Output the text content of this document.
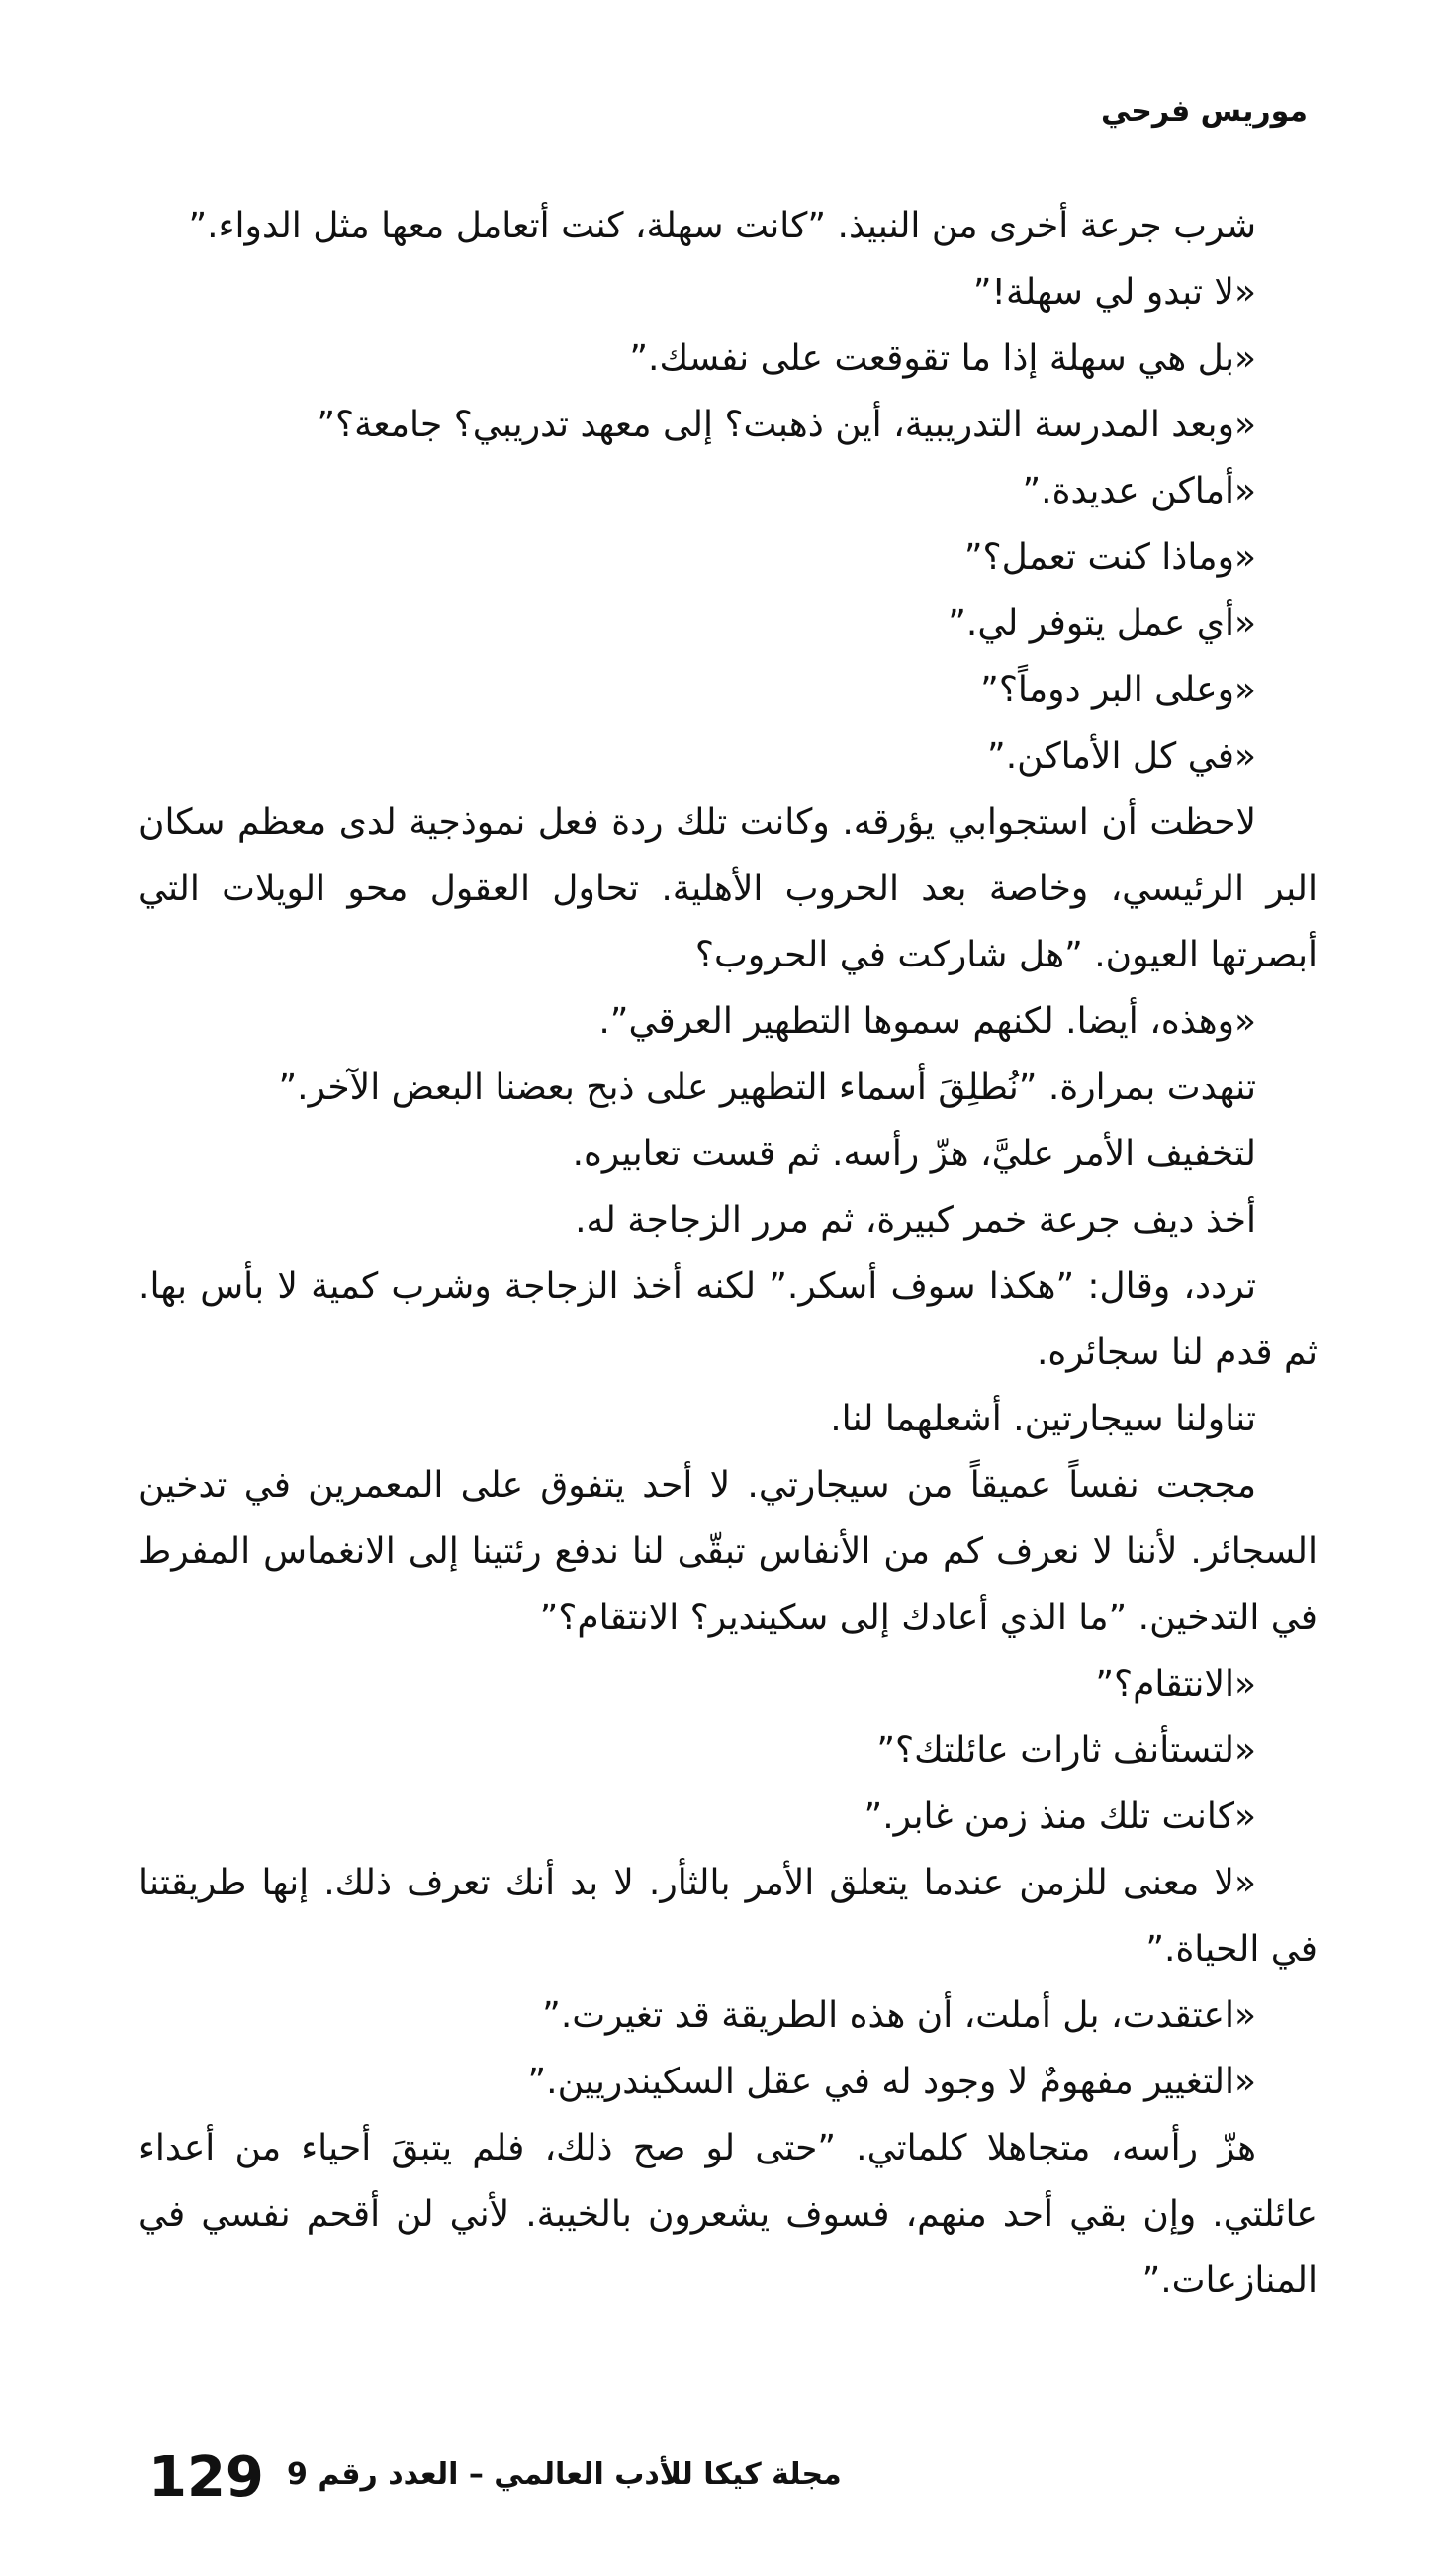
موريس فرحي

شرب جرعة أخرى من النبيذ. ”كانت سهلة، كنت أتعامل معها مثل الدواء.”

«لا تبدو لي سهلة!”

«بل هي سهلة إذا ما تقوقعت على نفسك.”

«وبعد المدرسة التدريبية، أين ذهبت؟ إلى معهد تدريبي؟ جامعة؟”

«أماكن عديدة.”

«وماذا كنت تعمل؟”

«أي عمل يتوفر لي.”

«وعلى البر دوماً؟”

«في كل الأماكن.”

لاحظت أن استجوابي يؤرقه. وكانت تلك ردة فعل نموذجية لدى معظم سكان البر الرئيسي، وخاصة بعد الحروب الأهلية. تحاول العقول محو الويلات التي أبصرتها العيون. ”هل شاركت في الحروب؟

«وهذه، أيضا. لكنهم سموها التطهير العرقي”.

تنهدت بمرارة. ”نُطلِقَ أسماء التطهير على ذبح بعضنا البعض الآخر.”

لتخفيف الأمر عليَّ، هزّ رأسه. ثم قست تعابيره.

أخذ ديف جرعة خمر كبيرة، ثم مرر الزجاجة له.

تردد، وقال: ”هكذا سوف أسكر.” لكنه أخذ الزجاجة وشرب كمية لا بأس بها. ثم قدم لنا سجائره.

تناولنا سيجارتين. أشعلهما لنا.

مججت نفساً عميقاً من سيجارتي. لا أحد يتفوق على المعمرين في تدخين السجائر. لأننا لا نعرف كم من الأنفاس تبقّى لنا ندفع رئتينا إلى الانغماس المفرط في التدخين. ”ما الذي أعادك إلى سكيندير؟ الانتقام؟”

«الانتقام؟”

«لتستأنف ثارات عائلتك؟”

«كانت تلك منذ زمن غابر.”

«لا معنى للزمن عندما يتعلق الأمر بالثأر. لا بد أنك تعرف ذلك. إنها طريقتنا في الحياة.”

«اعتقدت، بل أملت، أن هذه الطريقة قد تغيرت.”

«التغيير مفهومٌ لا وجود له في عقل السكيندريين.”

هزّ رأسه، متجاهلا كلماتي. ”حتى لو صح ذلك، فلم يتبقَ أحياء من أعداء عائلتي. وإن بقي أحد منهم، فسوف يشعرون بالخيبة. لأني لن أقحم نفسي في المنازعات.”

129 مجلة كيكا للأدب العالمي – العدد رقم 9
